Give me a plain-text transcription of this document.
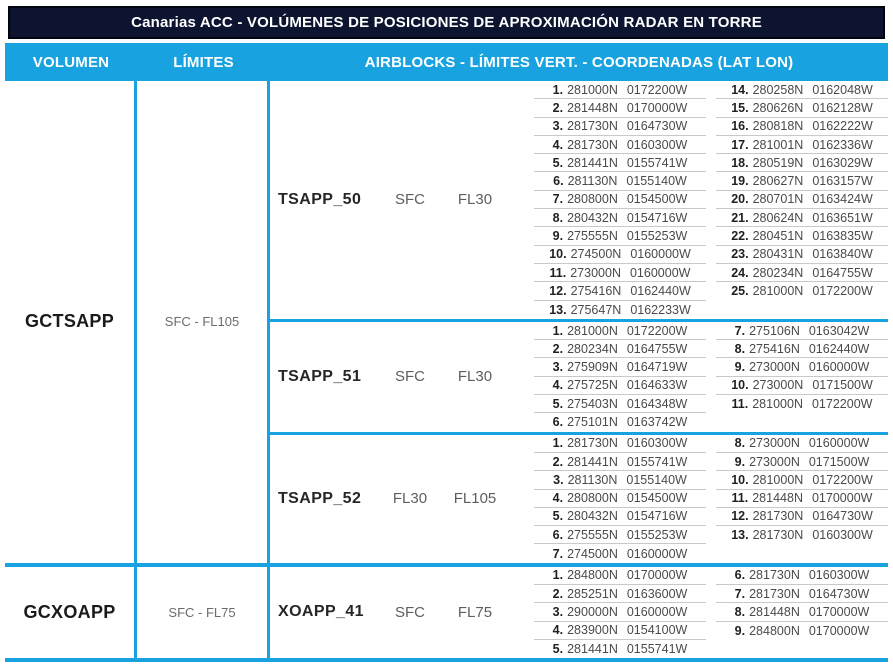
Canarias ACC - VOLÚMENES DE POSICIONES DE APROXIMACIÓN RADAR EN TORRE
VOLUMEN	LÍMITES	AIRBLOCKS - LÍMITES VERT. - COORDENADAS (LAT LON)
GCTSAPP	SFC - FL105
TSAPP_50	SFC	FL30
1. 281000N 0172200W
2. 281448N 0170000W
3. 281730N 0164730W
4. 281730N 0160300W
5. 281441N 0155741W
6. 281130N 0155140W
7. 280800N 0154500W
8. 280432N 0154716W
9. 275555N 0155253W
10. 274500N 0160000W
11. 273000N 0160000W
12. 275416N 0162440W
13. 275647N 0162233W
14. 280258N 0162048W
15. 280626N 0162128W
16. 280818N 0162222W
17. 281001N 0162336W
18. 280519N 0163029W
19. 280627N 0163157W
20. 280701N 0163424W
21. 280624N 0163651W
22. 280451N 0163835W
23. 280431N 0163840W
24. 280234N 0164755W
25. 281000N 0172200W
TSAPP_51	SFC	FL30
1. 281000N 0172200W
2. 280234N 0164755W
3. 275909N 0164719W
4. 275725N 0164633W
5. 275403N 0164348W
6. 275101N 0163742W
7. 275106N 0163042W
8. 275416N 0162440W
9. 273000N 0160000W
10. 273000N 0171500W
11. 281000N 0172200W
TSAPP_52	FL30	FL105
1. 281730N 0160300W
2. 281441N 0155741W
3. 281130N 0155140W
4. 280800N 0154500W
5. 280432N 0154716W
6. 275555N 0155253W
7. 274500N 0160000W
8. 273000N 0160000W
9. 273000N 0171500W
10. 281000N 0172200W
11. 281448N 0170000W
12. 281730N 0164730W
13. 281730N 0160300W
GCXOAPP	SFC - FL75	XOAPP_41	SFC	FL75
1. 284800N 0170000W
2. 285251N 0163600W
3. 290000N 0160000W
4. 283900N 0154100W
5. 281441N 0155741W
6. 281730N 0160300W
7. 281730N 0164730W
8. 281448N 0170000W
9. 284800N 0170000W
